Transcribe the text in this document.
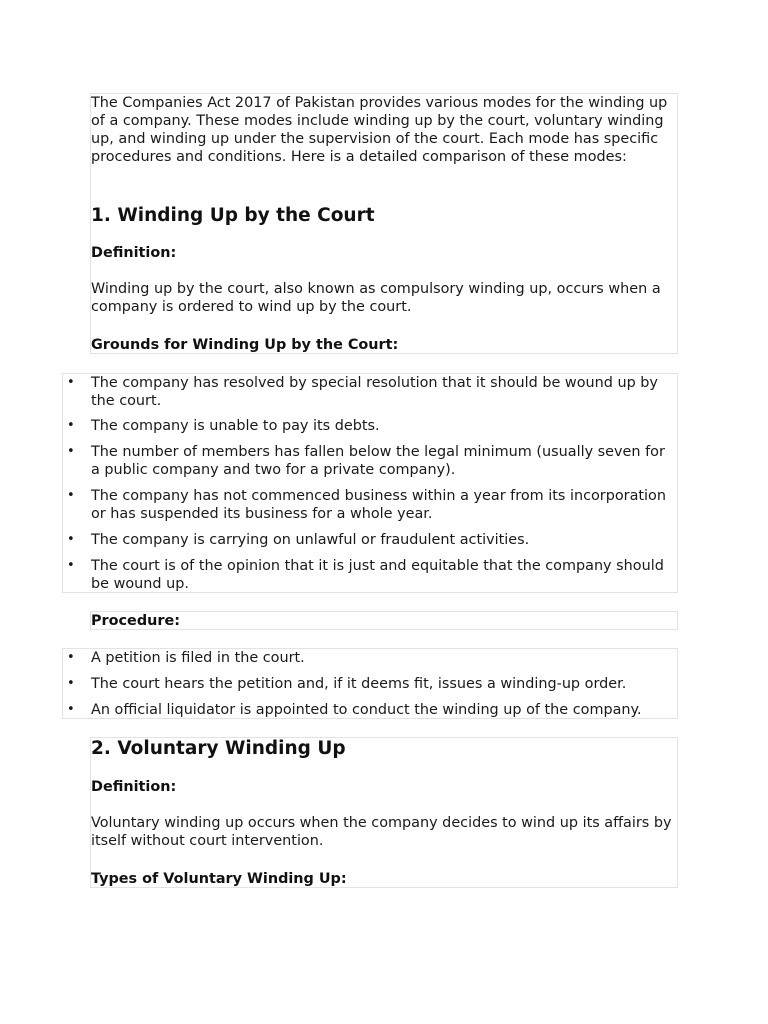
The Companies Act 2017 of Pakistan provides various modes for the winding up of a company. These modes include winding up by the court, voluntary winding up, and winding up under the supervision of the court. Each mode has specific procedures and conditions. Here is a detailed comparison of these modes:

1. Winding Up by the Court

Definition:

Winding up by the court, also known as compulsory winding up, occurs when a company is ordered to wind up by the court.

Grounds for Winding Up by the Court:

• The company has resolved by special resolution that it should be wound up by the court.
• The company is unable to pay its debts.
• The number of members has fallen below the legal minimum (usually seven for a public company and two for a private company).
• The company has not commenced business within a year from its incorporation or has suspended its business for a whole year.
• The company is carrying on unlawful or fraudulent activities.
• The court is of the opinion that it is just and equitable that the company should be wound up.

Procedure:

• A petition is filed in the court.
• The court hears the petition and, if it deems fit, issues a winding-up order.
• An official liquidator is appointed to conduct the winding up of the company.
2. Voluntary Winding Up

Definition:

Voluntary winding up occurs when the company decides to wind up its affairs by itself without court intervention.

Types of Voluntary Winding Up:
